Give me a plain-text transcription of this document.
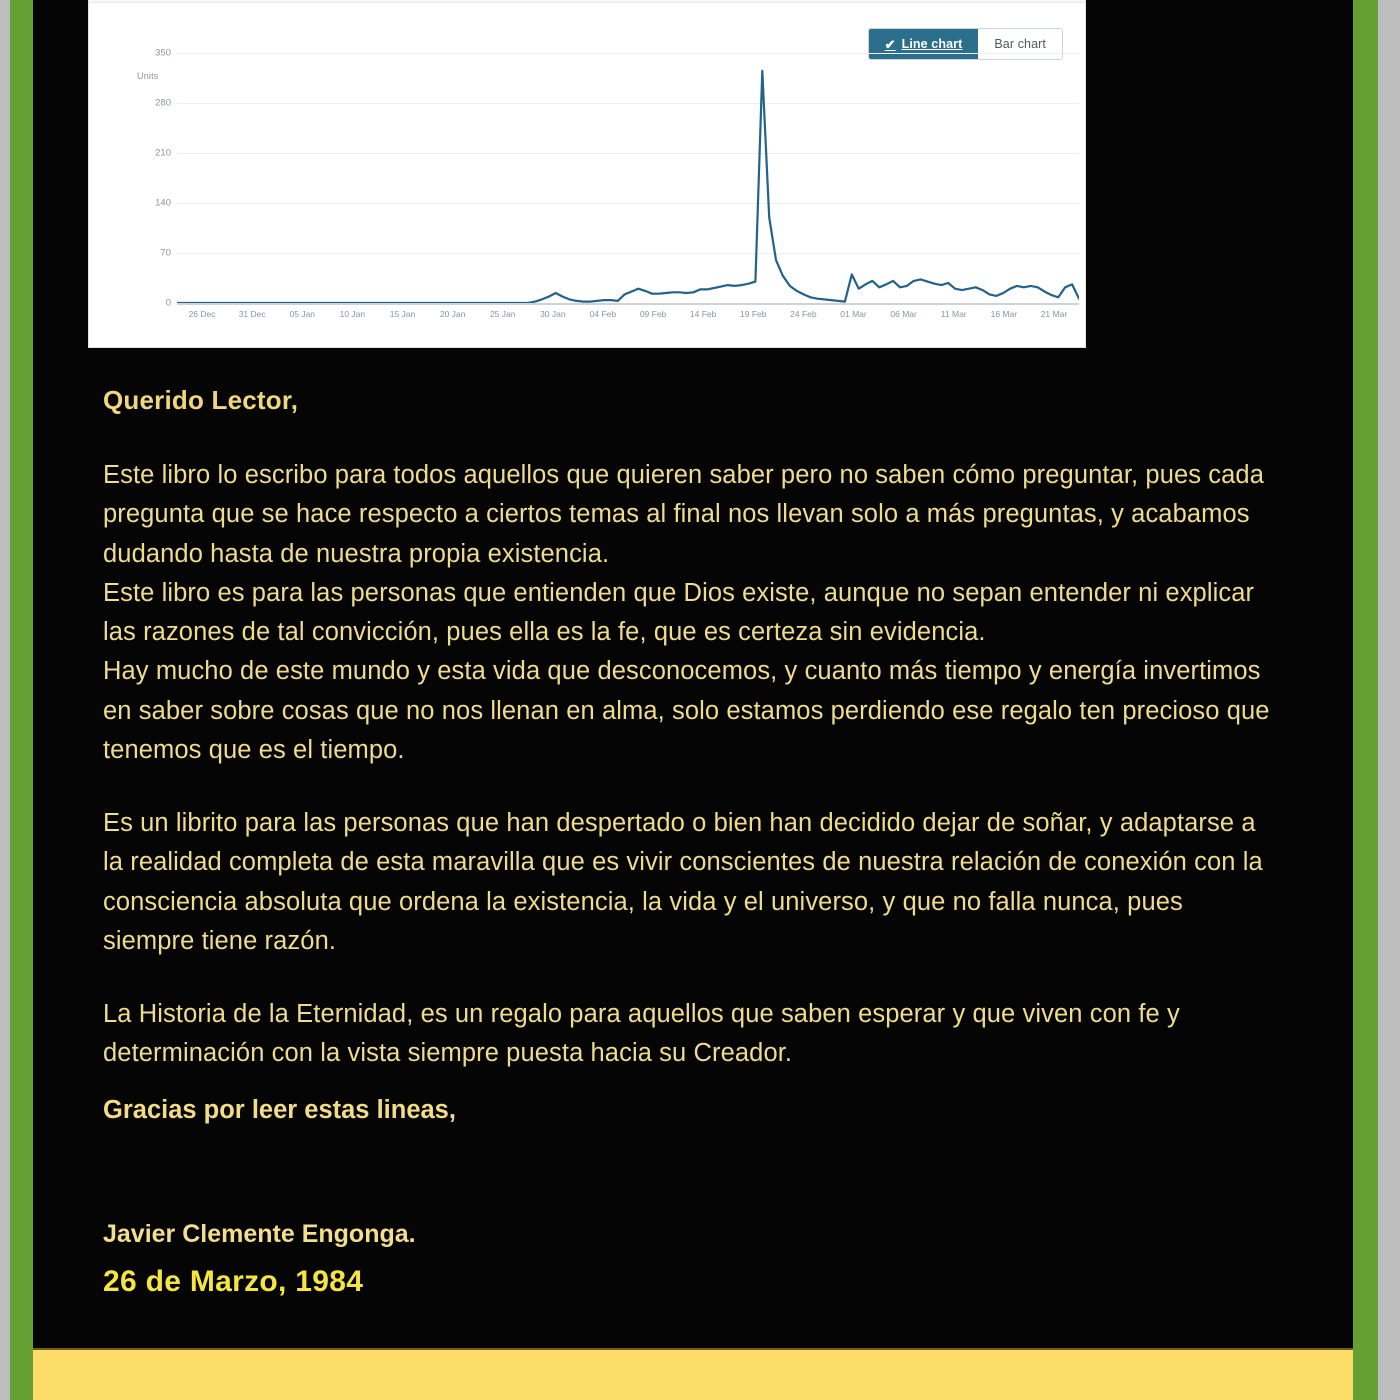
✔ Line chart	Bar chart
Units
0
70
140
210
280
350
26 Dec	31 Dec	05 Jan	10 Jan	15 Jan	20 Jan	25 Jan	30 Jan	04 Feb	09 Feb	14 Feb	19 Feb	24 Feb	01 Mar	06 Mar	11 Mar	16 Mar	21 Mar

Querido Lector,

Este libro lo escribo para todos aquellos que quieren saber pero no saben cómo preguntar, pues cada pregunta que se hace respecto a ciertos temas al final nos llevan solo a más preguntas, y acabamos dudando hasta de nuestra propia existencia.

Este libro es para las personas que entienden que Dios existe, aunque no sepan entender ni explicar las razones de tal convicción, pues ella es la fe, que es certeza sin evidencia.

Hay mucho de este mundo y esta vida que desconocemos, y cuanto más tiempo y energía invertimos en saber sobre cosas que no nos llenan en alma, solo estamos perdiendo ese regalo ten precioso que tenemos que es el tiempo.

Es un librito para las personas que han despertado o bien han decidido dejar de soñar, y adaptarse a la realidad completa de esta maravilla que es vivir conscientes de nuestra relación de conexión con la consciencia absoluta que ordena la existencia, la vida y el universo, y que no falla nunca, pues siempre tiene razón.

La Historia de la Eternidad, es un regalo para aquellos que saben esperar y que viven con fe y determinación con la vista siempre puesta hacia su Creador.

Gracias por leer estas lineas,

Javier Clemente Engonga.

26 de Marzo, 1984
